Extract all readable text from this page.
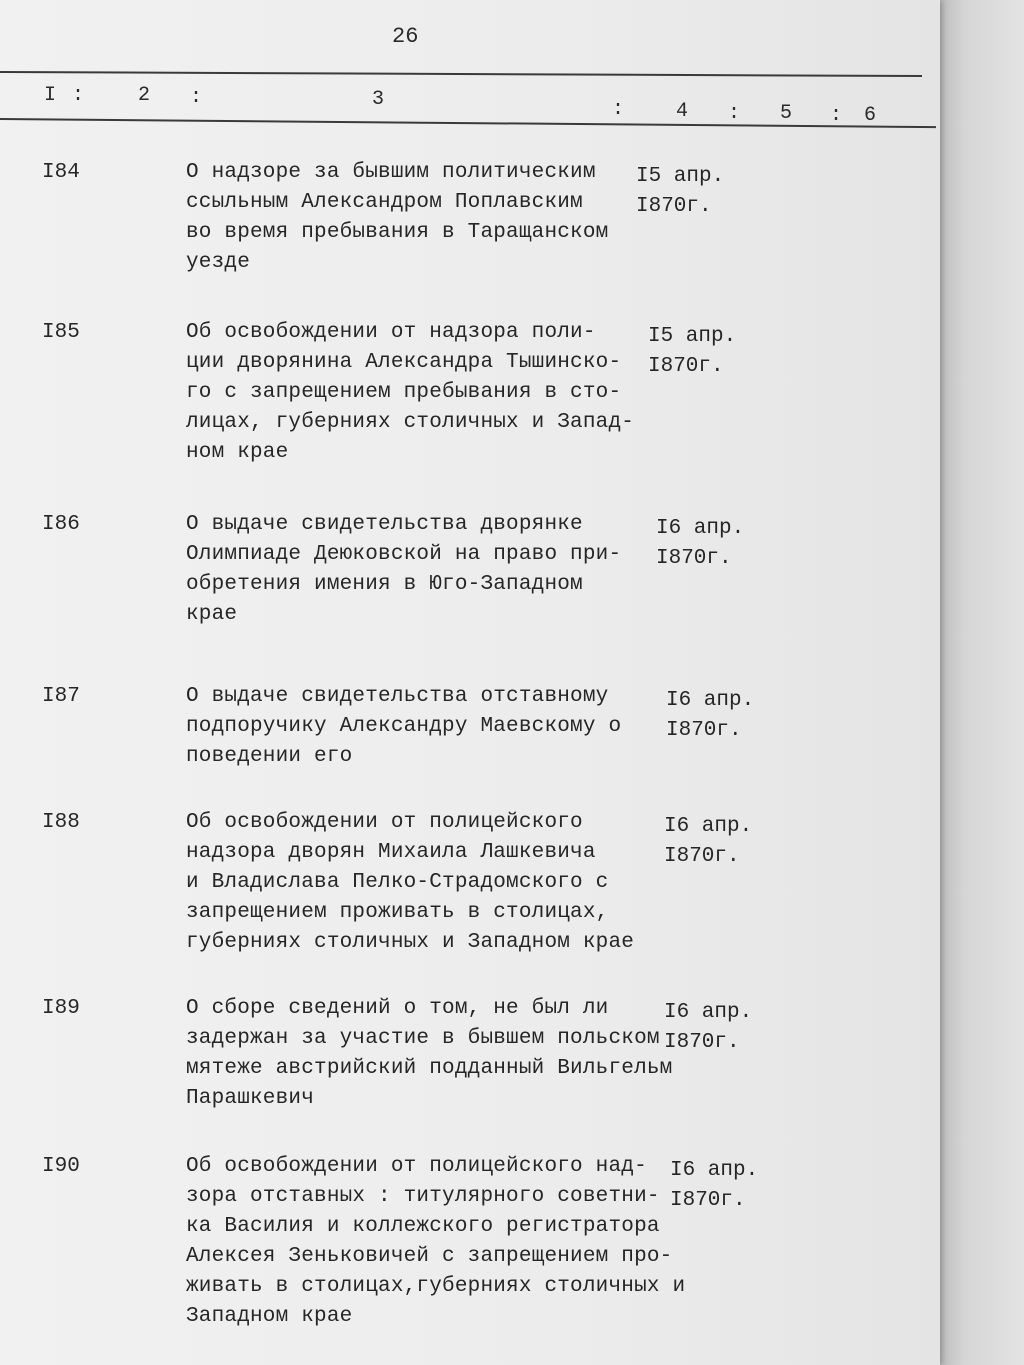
26
I :	2 :	3	:	4 : 5 : 6
I84	О надзоре за бывшим политическим
ссыльным Александром Поплавским
во время пребывания в Таращанском
уезде
I5 апр.
I870г.
I85	Об освобождении от надзора поли-
ции дворянина Александра Тышинско-
го с запрещением пребывания в сто-
лицах, губерниях столичных и Запад-
ном крае
I5 апр.
I870г.
I86	О выдаче свидетельства дворянке
Олимпиаде Деюковской на право при-
обретения имения в Юго-Западном
крае
I6 апр.
I870г.
I87	О выдаче свидетельства отставному
подпоручику Александру Маевскому о
поведении его
I6 апр.
I870г.
I88	Об освобождении от полицейского
надзора дворян Михаила Лашкевича
и Владислава Пелко-Страдомского с
запрещением проживать в столицах,
губерниях столичных и Западном крае
I6 апр.
I870г.
I89	О сборе сведений о том, не был ли
задержан за участие в бывшем польском
мятеже австрийский подданный Вильгельм
Парашкевич
I6 апр.
I870г.
I90	Об освобождении от полицейского над-
зора отставных : титулярного советни-
ка Василия и коллежского регистратора
Алексея Зеньковичей с запрещением про-
живать в столицах,губерниях столичных и
Западном крае
I6 апр.
I870г.
